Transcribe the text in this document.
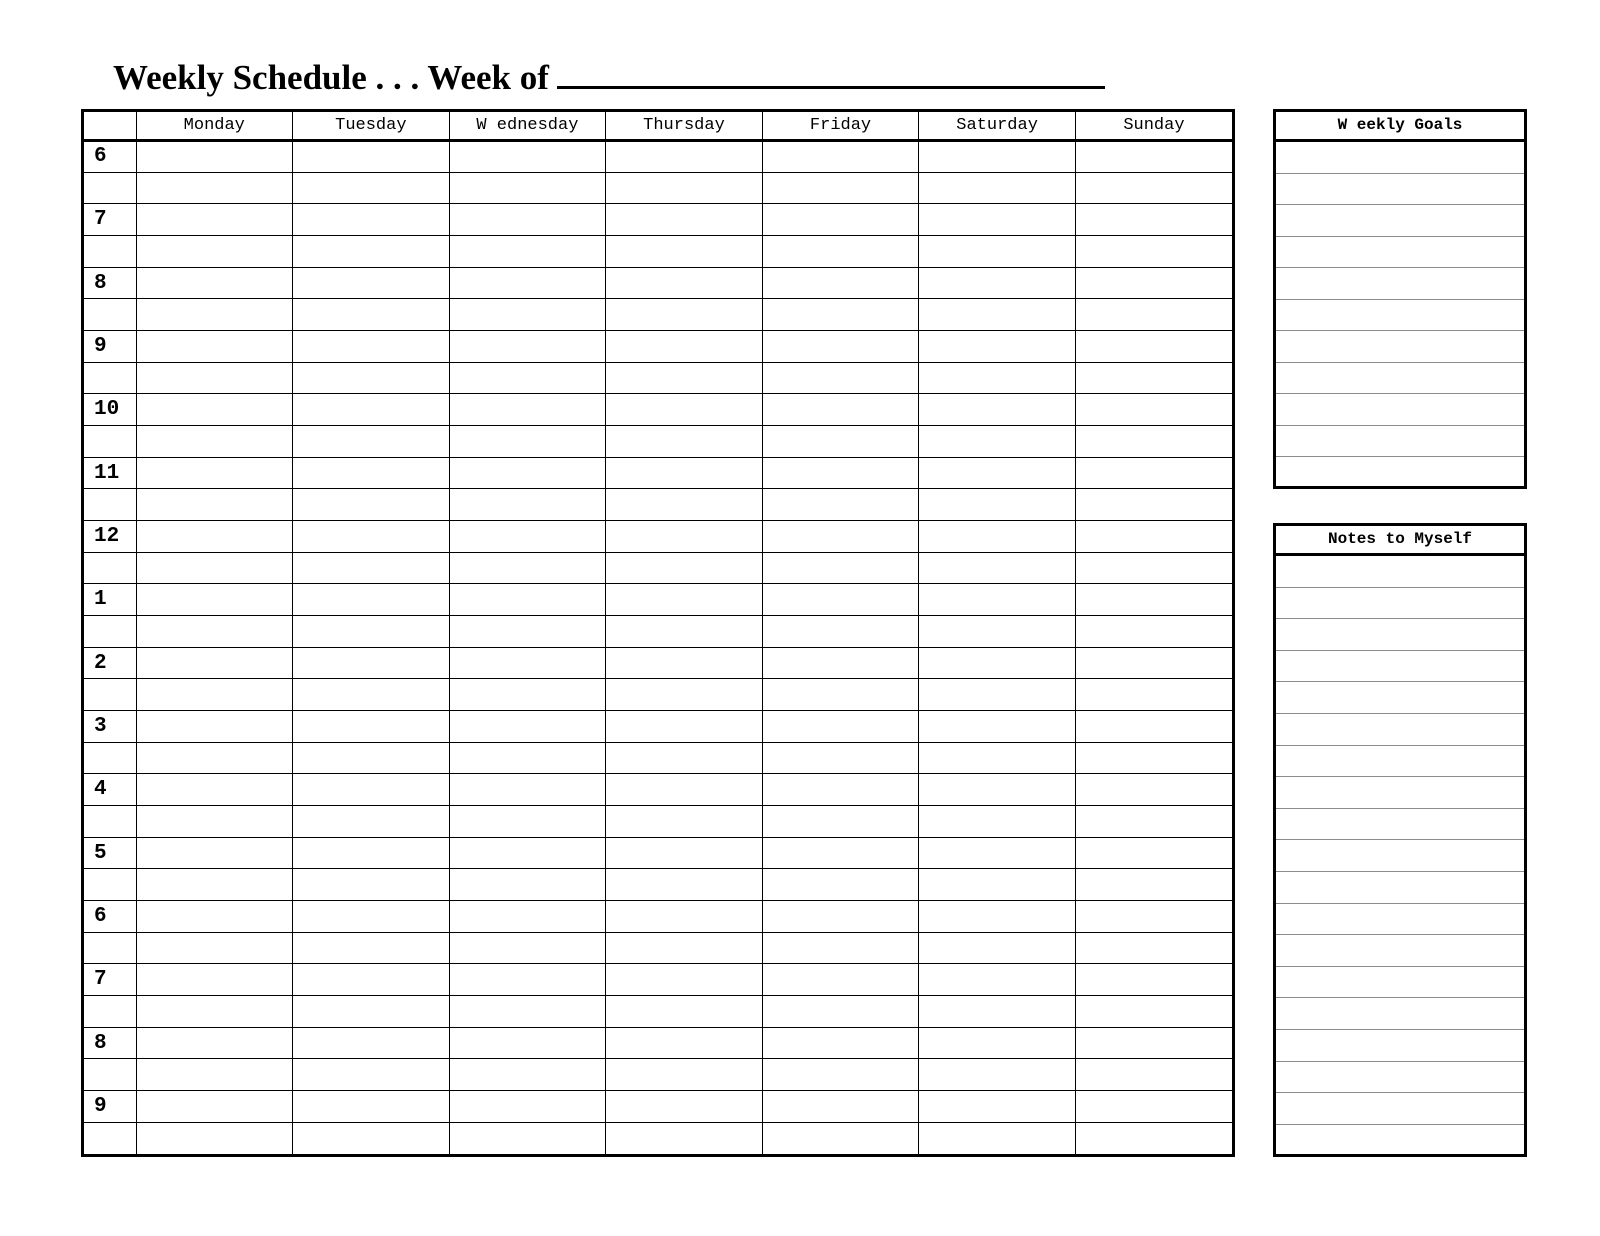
Weekly Schedule . . . Week of
	Monday	Tuesday	W ednesday	Thursday	Friday	Saturday	Sunday
6							

7							

8							

9							

10							

11							

12							

1							

2							

3							

4							

5							

6							

7							

8							

9							

W eekly Goals
Notes to Myself
